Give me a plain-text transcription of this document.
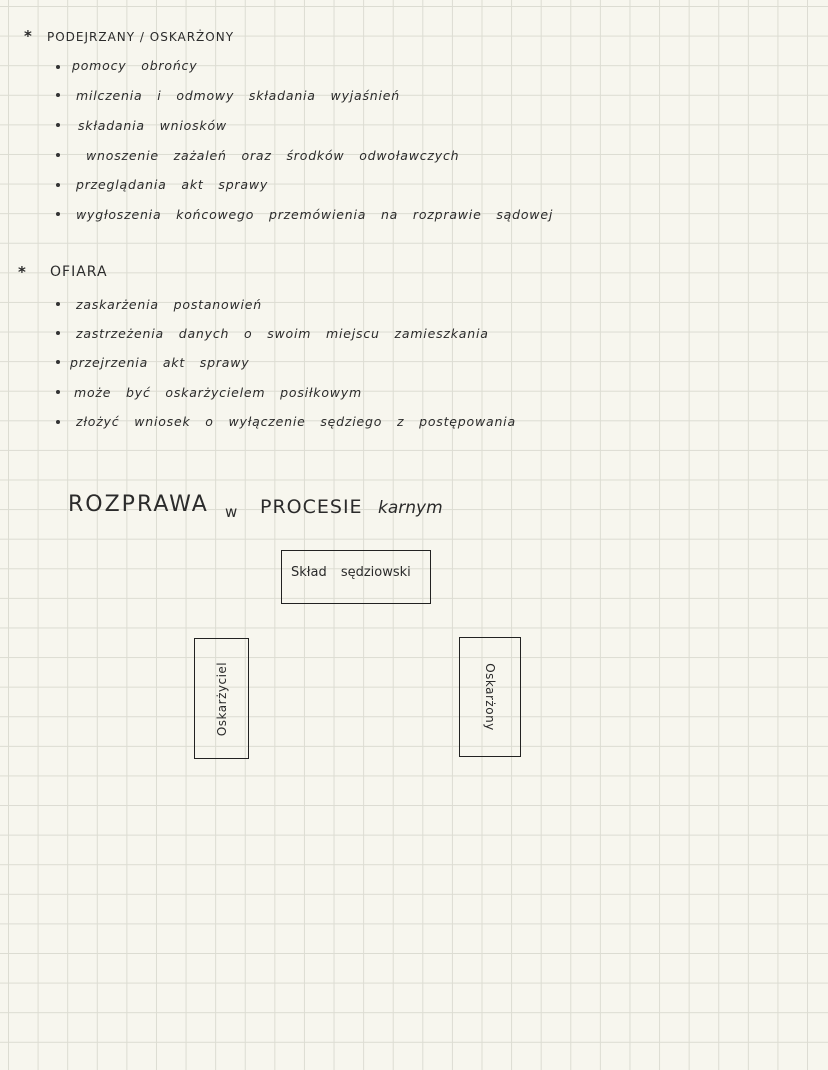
* PODEJRZANY / OSKARŻONY
pomocy obrońcy
milczenia i odmowy składania wyjaśnień
składania wniosków
wnoszenie zażaleń oraz środków odwoławczych
przeglądania akt sprawy
wygłoszenia końcowego przemówienia na rozprawie sądowej
* OFIARA
zaskarżenia postanowień
zastrzeżenia danych o swoim miejscu zamieszkania
przejrzenia akt sprawy
może być oskarżycielem posiłkowym
złożyć wniosek o wyłączenie sędziego z postępowania
ROZPRAWA w PROCESIE karnym
Skład sędziowski
Oskarżyciel	Oskarżony
